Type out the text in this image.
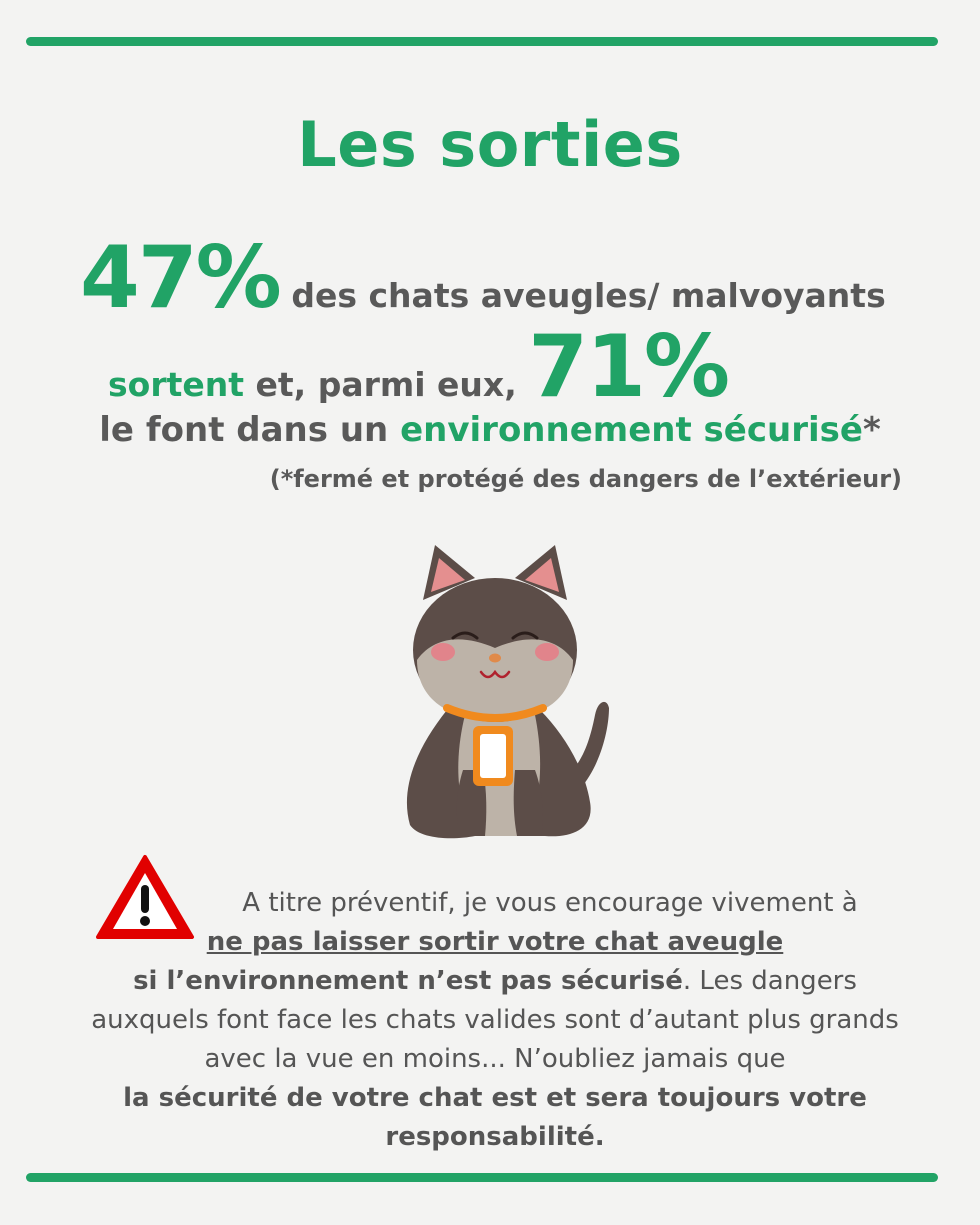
Les sorties
47% des chats aveugles/ malvoyants
sortent et, parmi eux, 71%
le font dans un environnement sécurisé*
(*fermé et protégé des dangers de l’extérieur)
A titre préventif, je vous encourage vivement à
ne pas laisser sortir votre chat aveugle
si l’environnement n’est pas sécurisé. Les dangers auxquels font face les chats valides sont d’autant plus grands avec la vue en moins... N’oubliez jamais que
la sécurité de votre chat est et sera toujours votre responsabilité.
